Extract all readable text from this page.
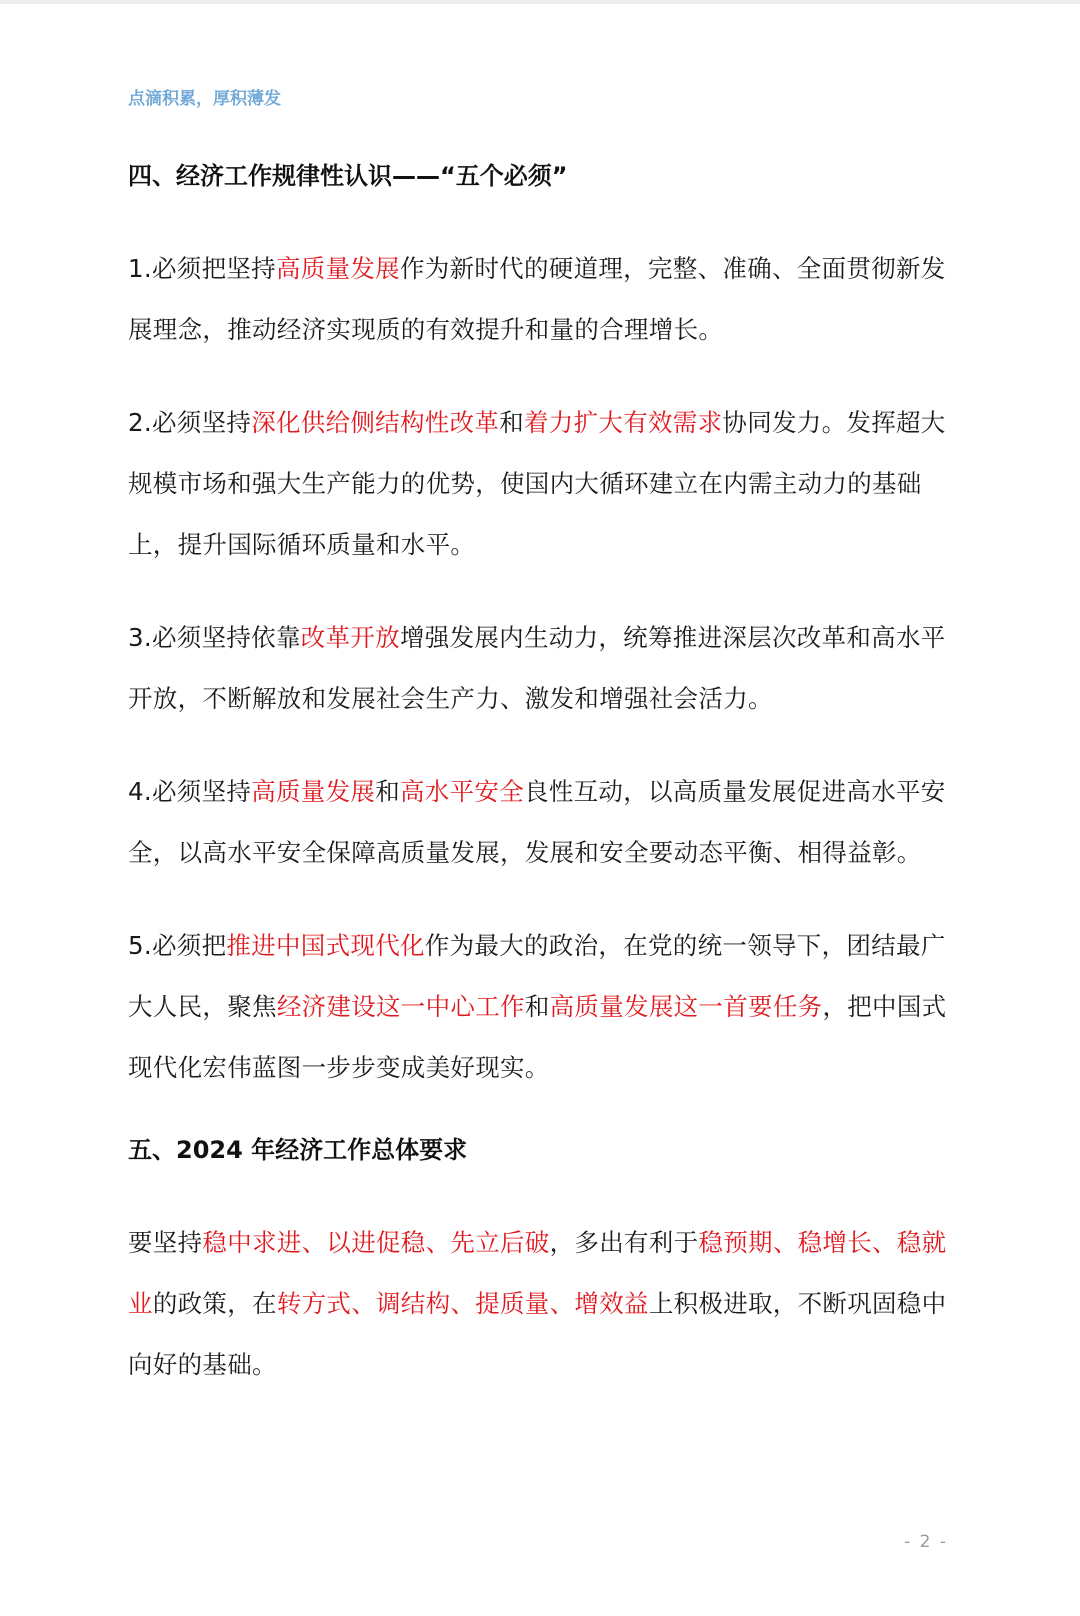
点滴积累，厚积薄发

四、经济工作规律性认识——“五个必须”

1.必须把坚持高质量发展作为新时代的硬道理，完整、准确、全面贯彻新发展理念，推动经济实现质的有效提升和量的合理增长。

2.必须坚持深化供给侧结构性改革和着力扩大有效需求协同发力。发挥超大规模市场和强大生产能力的优势，使国内大循环建立在内需主动力的基础上，提升国际循环质量和水平。

3.必须坚持依靠改革开放增强发展内生动力，统筹推进深层次改革和高水平开放，不断解放和发展社会生产力、激发和增强社会活力。

4.必须坚持高质量发展和高水平安全良性互动，以高质量发展促进高水平安全，以高水平安全保障高质量发展，发展和安全要动态平衡、相得益彰。

5.必须把推进中国式现代化作为最大的政治，在党的统一领导下，团结最广大人民，聚焦经济建设这一中心工作和高质量发展这一首要任务，把中国式现代化宏伟蓝图一步步变成美好现实。

五、2024 年经济工作总体要求

要坚持稳中求进、以进促稳、先立后破，多出有利于稳预期、稳增长、稳就业的政策，在转方式、调结构、提质量、增效益上积极进取，不断巩固稳中向好的基础。

- 2 -
